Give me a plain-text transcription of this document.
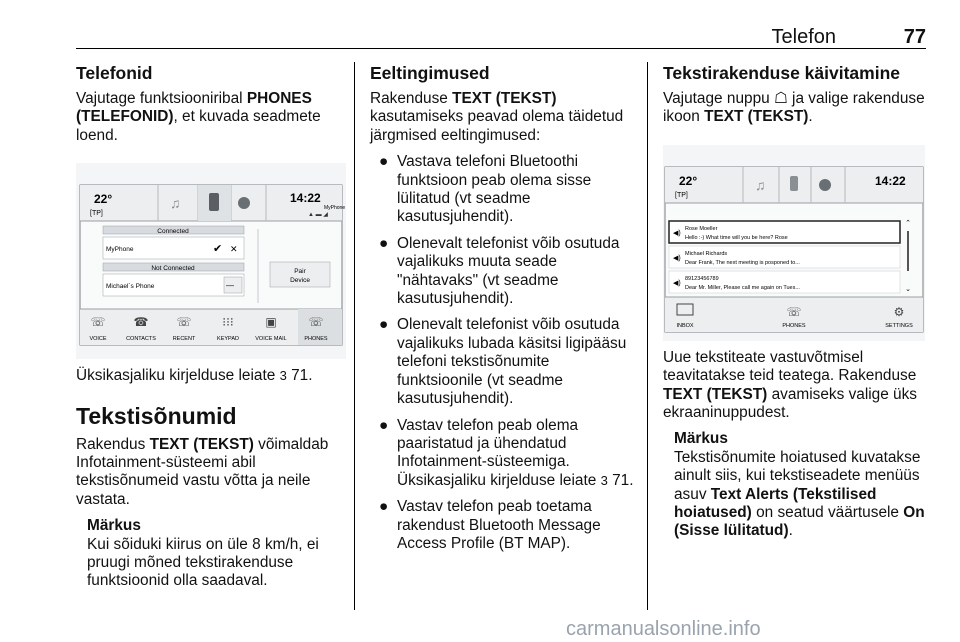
Telefon	77
Telefonid

Vajutage funktsiooniribal PHONES (TELEFONID), et kuvada seadmete loend.

22°
[TP]
♫	14:22
MyPhone
▲ ▬ ◢
Connected
MyPhone	✔ ✕
Not Connected
Michael´s Phone	—
Pair
Device
☏ ☎ ☏	⁝⁝⁝	▣	☏
VOICE	CONTACTS	RECENT	KEYPAD	VOICE MAIL	PHONES

Üksikasjaliku kirjelduse leiate 3 71.

Tekstisõnumid

Rakendus TEXT (TEKST) võimaldab Infotainment-süsteemi abil tekstisõnumeid vastu võtta ja neile vastata.

Märkus
Kui sõiduki kiirus on üle 8 km/h, ei pruugi mõned tekstirakenduse funktsioonid olla saadaval.
Eeltingimused

Rakenduse TEXT (TEKST) kasutamiseks peavad olema täidetud järgmised eeltingimused:

● Vastava telefoni Bluetoothi funktsioon peab olema sisse lülitatud (vt seadme kasutusjuhendit).
● Olenevalt telefonist võib osutuda vajalikuks muuta seade "nähtavaks" (vt seadme kasutusjuhendit).
● Olenevalt telefonist võib osutuda vajalikuks lubada käsitsi ligipääsu telefoni tekstisõnumite funktsioonile (vt seadme kasutusjuhendit).
● Vastav telefon peab olema paaristatud ja ühendatud Infotainment-süsteemiga. Üksikasjaliku kirjelduse leiate 3 71.
● Vastav telefon peab toetama rakendust Bluetooth Message Access Profile (BT MAP).
Tekstirakenduse käivitamine

Vajutage nuppu ☖ ja valige rakenduse ikoon TEXT (TEKST).

22°
[TP]
♫	14:22
◀)
Rose Moeller
Hello :-) What time will you be here? Rose
◀)
Michael Richards
Dear Frank, The next meeting is posponed to...
◀)
89123456789
Dear Mr. Miller, Please call me again on Tues...
⌃
⌄
☏	⚙
INBOX	PHONES	SETTINGS

Uue tekstiteate vastuvõtmisel teavitatakse teid teatega. Rakenduse TEXT (TEKST) avamiseks valige üks ekraaninuppudest.

Märkus
Tekstisõnumite hoiatused kuvatakse ainult siis, kui tekstiseadete menüüs asuv Text Alerts (Tekstilised hoiatused) on seatud väärtusele On (Sisse lülitatud).
carmanualsonline.info
